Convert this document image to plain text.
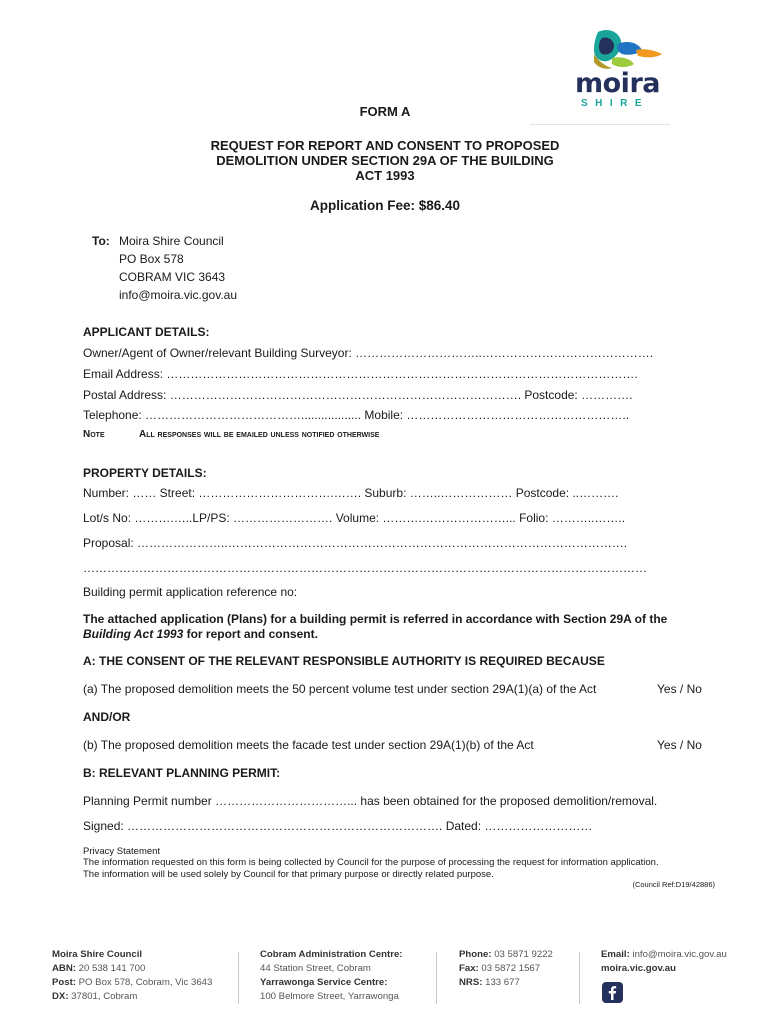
moira
SHIRE
FORM A
REQUEST FOR REPORT AND CONSENT TO PROPOSED
DEMOLITION UNDER SECTION 29A OF THE BUILDING
ACT 1993
Application Fee: $86.40
To: Moira Shire Council
PO Box 578
COBRAM VIC 3643
info@moira.vic.gov.au
APPLICANT DETAILS:
Owner/Agent of Owner/relevant Building Surveyor: …………………………..…………………………………….
Email Address: ……………………………………………………………………………………………………….
Postal Address: ……………………………………………………………………………. Postcode: ………….
Telephone: ………………………………….................. Mobile: ………………………………………………..
Note	All responses will be emailed unless notified otherwise
PROPERTY DETAILS:
Number: …… Street: …………………………….……. Suburb: ……..……………… Postcode: ..……….
Lot/s No: ……….…..LP/PS: ……………………. Volume: ……….…………………... Folio: ………..……..
Proposal: …………………..……………………………………………………………………………………….
……………………………………………………………………………………………………………………………
Building permit application reference no:
The attached application (Plans) for a building permit is referred in accordance with Section 29A of the
Building Act 1993 for report and consent.
A: THE CONSENT OF THE RELEVANT RESPONSIBLE AUTHORITY IS REQUIRED BECAUSE
(a) The proposed demolition meets the 50 percent volume test under section 29A(1)(a) of the Act	Yes / No
AND/OR
(b) The proposed demolition meets the facade test under section 29A(1)(b) of the Act	Yes / No
B: RELEVANT PLANNING PERMIT:
Planning Permit number ……………………………... has been obtained for the proposed demolition/removal.
Signed: ……………………………………………………………………. Dated: ………………………
Privacy Statement
The information requested on this form is being collected by Council for the purpose of processing the request for information application.
The information will be used solely by Council for that primary purpose or directly related purpose.
(Council Ref:D19/42886)
Moira Shire Council
ABN: 20 538 141 700
Post: PO Box 578, Cobram, Vic 3643
DX: 37801, Cobram
Cobram Administration Centre:
44 Station Street, Cobram
Yarrawonga Service Centre:
100 Belmore Street, Yarrawonga
Phone: 03 5871 9222
Fax: 03 5872 1567
NRS: 133 677
Email: info@moira.vic.gov.au
moira.vic.gov.au
